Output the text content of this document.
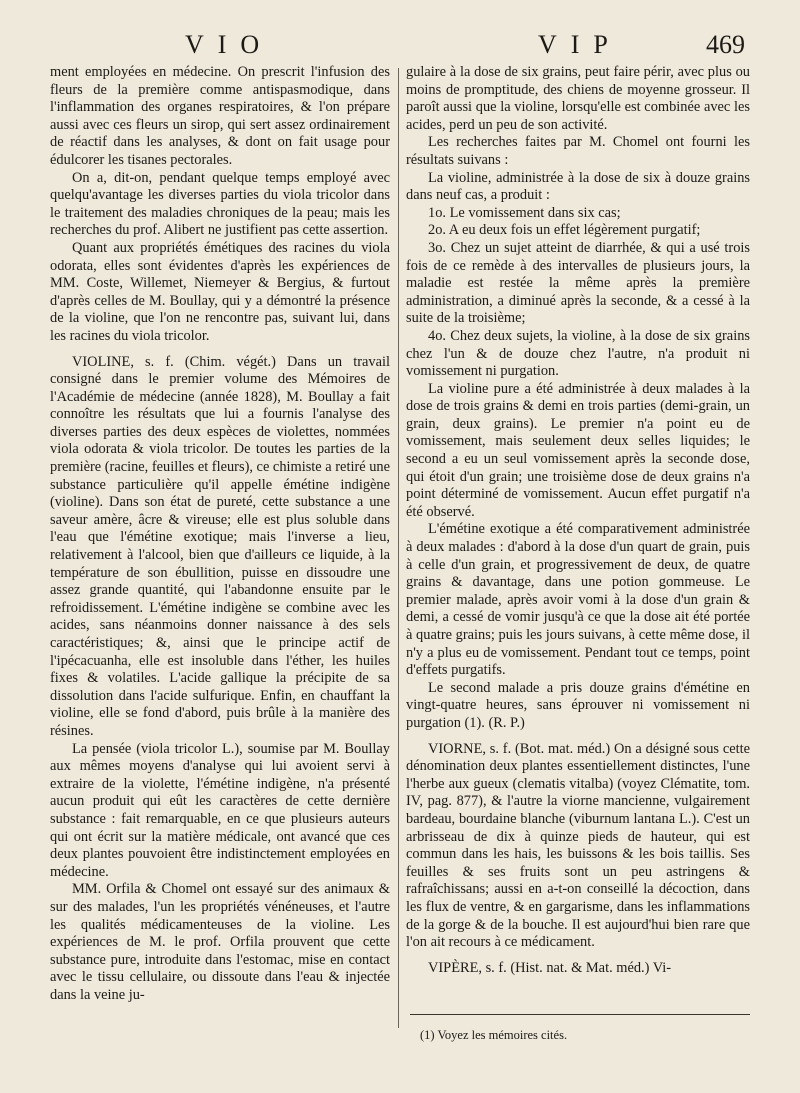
VIO	VIP	469

ment employées en médecine. On prescrit l'infusion des fleurs de la première comme antispasmodique, dans l'inflammation des organes respiratoires, & l'on prépare aussi avec ces fleurs un sirop, qui sert assez ordinairement de réactif dans les analyses, & dont on fait usage pour édulcorer les tisanes pectorales.

On a, dit-on, pendant quelque temps employé avec quelqu'avantage les diverses parties du viola tricolor dans le traitement des maladies chroniques de la peau; mais les recherches du prof. Alibert ne justifient pas cette assertion.

Quant aux propriétés émétiques des racines du viola odorata, elles sont évidentes d'après les expériences de MM. Coste, Willemet, Niemeyer & Bergius, & furtout d'après celles de M. Boullay, qui y a démontré la présence de la violine, que l'on ne rencontre pas, suivant lui, dans les racines du viola tricolor.

VIOLINE, s. f. (Chim. végét.) Dans un travail consigné dans le premier volume des Mémoires de l'Académie de médecine (année 1828), M. Boullay a fait connoître les résultats que lui a fournis l'analyse des diverses parties des deux espèces de violettes, nommées viola odorata & viola tricolor. De toutes les parties de la première (racine, feuilles et fleurs), ce chimiste a retiré une substance particulière qu'il appelle émétine indigène (violine). Dans son état de pureté, cette substance a une saveur amère, âcre & vireuse; elle est plus soluble dans l'eau que l'émétine exotique; mais l'inverse a lieu, relativement à l'alcool, bien que d'ailleurs ce liquide, à la température de son ébullition, puisse en dissoudre une assez grande quantité, qui l'abandonne ensuite par le refroidissement. L'émétine indigène se combine avec les acides, sans néanmoins donner naissance à des sels caractéristiques; &, ainsi que le principe actif de l'ipécacuanha, elle est insoluble dans l'éther, les huiles fixes & volatiles. L'acide gallique la précipite de sa dissolution dans l'acide sulfurique. Enfin, en chauffant la violine, elle se fond d'abord, puis brûle à la manière des résines.

La pensée (viola tricolor L.), soumise par M. Boullay aux mêmes moyens d'analyse qui lui avoient servi à extraire de la violette, l'émétine indigène, n'a présenté aucun produit qui eût les caractères de cette dernière substance : fait remarquable, en ce que plusieurs auteurs qui ont écrit sur la matière médicale, ont avancé que ces deux plantes pouvoient être indistinctement employées en médecine.

MM. Orfila & Chomel ont essayé sur des animaux & sur des malades, l'un les propriétés vénéneuses, et l'autre les qualités médicamenteuses de la violine. Les expériences de M. le prof. Orfila prouvent que cette substance pure, introduite dans l'estomac, mise en contact avec le tissu cellulaire, ou dissoute dans l'eau & injectée dans la veine ju-

gulaire à la dose de six grains, peut faire périr, avec plus ou moins de promptitude, des chiens de moyenne grosseur. Il paroît aussi que la violine, lorsqu'elle est combinée avec les acides, perd un peu de son activité.

Les recherches faites par M. Chomel ont fourni les résultats suivans :

La violine, administrée à la dose de six à douze grains dans neuf cas, a produit :

1o. Le vomissement dans six cas;

2o. A eu deux fois un effet légèrement purgatif;

3o. Chez un sujet atteint de diarrhée, & qui a usé trois fois de ce remède à des intervalles de plusieurs jours, la maladie est restée la même après la première administration, a diminué après la seconde, & a cessé à la suite de la troisième;

4o. Chez deux sujets, la violine, à la dose de six grains chez l'un & de douze chez l'autre, n'a produit ni vomissement ni purgation.

La violine pure a été administrée à deux malades à la dose de trois grains & demi en trois parties (demi-grain, un grain, deux grains). Le premier n'a point eu de vomissement, mais seulement deux selles liquides; le second a eu un seul vomissement après la seconde dose, qui étoit d'un grain; une troisième dose de deux grains n'a point déterminé de vomissement. Aucun effet purgatif n'a été observé.

L'émétine exotique a été comparativement administrée à deux malades : d'abord à la dose d'un quart de grain, puis à celle d'un grain, et progressivement de deux, de quatre grains & davantage, dans une potion gommeuse. Le premier malade, après avoir vomi à la dose d'un grain & demi, a cessé de vomir jusqu'à ce que la dose ait été portée à quatre grains; puis les jours suivans, à cette même dose, il n'y a plus eu de vomissement. Pendant tout ce temps, point d'effets purgatifs.

Le second malade a pris douze grains d'émétine en vingt-quatre heures, sans éprouver ni vomissement ni purgation (1). (R. P.)

VIORNE, s. f. (Bot. mat. méd.) On a désigné sous cette dénomination deux plantes essentiellement distinctes, l'une l'herbe aux gueux (clematis vitalba) (voyez Clématite, tom. IV, pag. 877), & l'autre la viorne mancienne, vulgairement bardeau, bourdaine blanche (viburnum lantana L.). C'est un arbrisseau de dix à quinze pieds de hauteur, qui est commun dans les hais, les buissons & les bois taillis. Ses feuilles & ses fruits sont un peu astringens & rafraîchissans; aussi en a-t-on conseillé la décoction, dans les flux de ventre, & en gargarisme, dans les inflammations de la gorge & de la bouche. Il est aujourd'hui bien rare que l'on ait recours à ce médicament.

VIPÈRE, s. f. (Hist. nat. & Mat. méd.) Vi-

(1) Voyez les mémoires cités.
